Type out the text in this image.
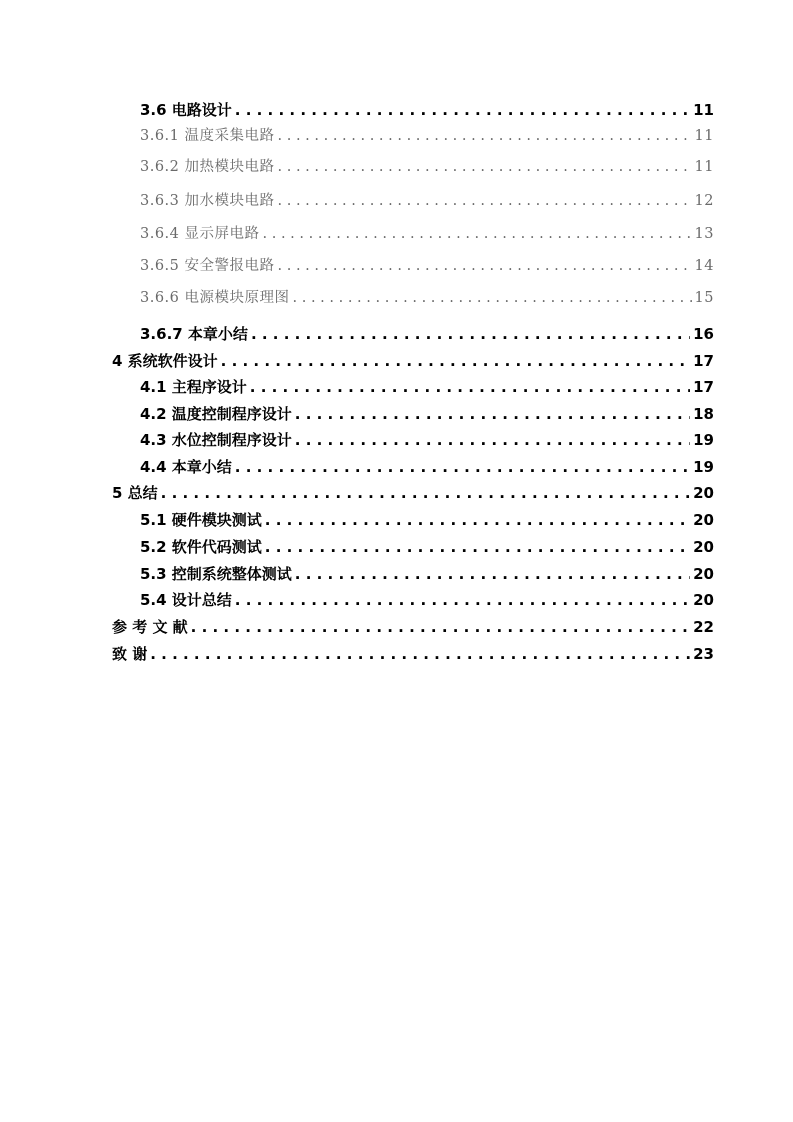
3.6 电路设计 . . .	11
3.6.1 温度采集电路 . . .	11
3.6.2 加热模块电路 . . .	11
3.6.3 加水模块电路 . . .	12
3.6.4 显示屏电路 . . .	13
3.6.5 安全警报电路 . . .	14
3.6.6 电源模块原理图 . . .	15
3.6.7 本章小结 . . .	16
4 系统软件设计 . . .	17
4.1 主程序设计 . . .	17
4.2 温度控制程序设计 . . .	18
4.3 水位控制程序设计 . . .	19
4.4 本章小结 . . .	19
5 总结 . . .	20
5.1 硬件模块测试 . . .	20
5.2 软件代码测试 . . .	20
5.3 控制系统整体测试 . . .	20
5.4 设计总结 . . .	20
参 考 文 献 . . .	22
致 谢 . . .	23
